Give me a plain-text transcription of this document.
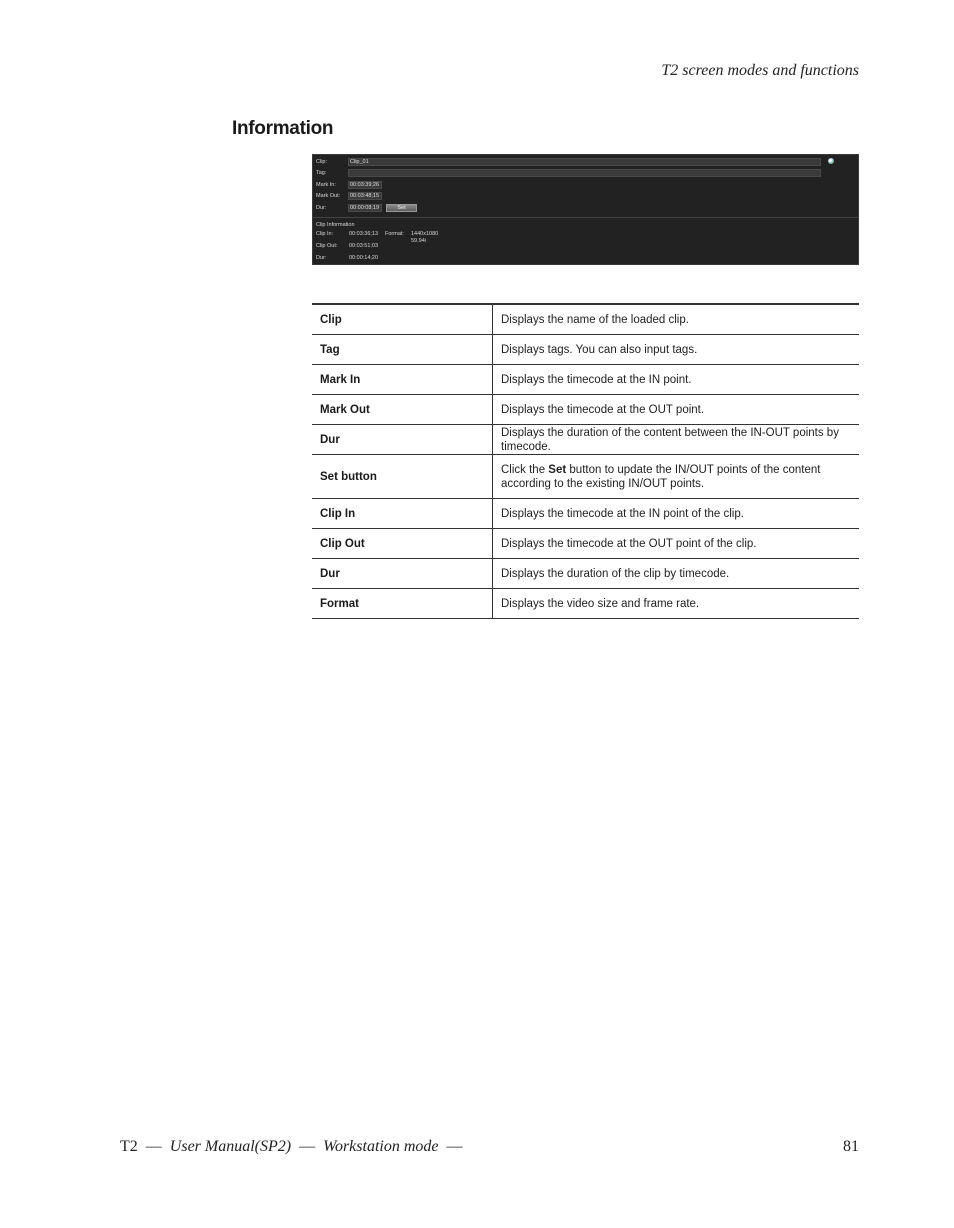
T2 screen modes and functions
Information
Clip:	Clip_01
Tag:
Mark In:	00:03:39;26
Mark Out:	00:03:48;15
Dur:	00:00:08;19	Set
Clip Information
Clip In:	00:03:36;13 Format: 1440x1080
59.94i
Clip Out: 00:03:51;03
Dur:	00:00:14;20
Clip	Displays the name of the loaded clip.
Tag	Displays tags. You can also input tags.
Mark In	Displays the timecode at the IN point.
Mark Out	Displays the timecode at the OUT point.
Dur	Displays the duration of the content between the IN-OUT points by timecode.
Set button	Click the Set button to update the IN/OUT points of the content according to the existing IN/OUT points.
Clip In	Displays the timecode at the IN point of the clip.
Clip Out	Displays the timecode at the OUT point of the clip.
Dur	Displays the duration of the clip by timecode.
Format	Displays the video size and frame rate.
T2 — User Manual(SP2) — Workstation mode —	81
